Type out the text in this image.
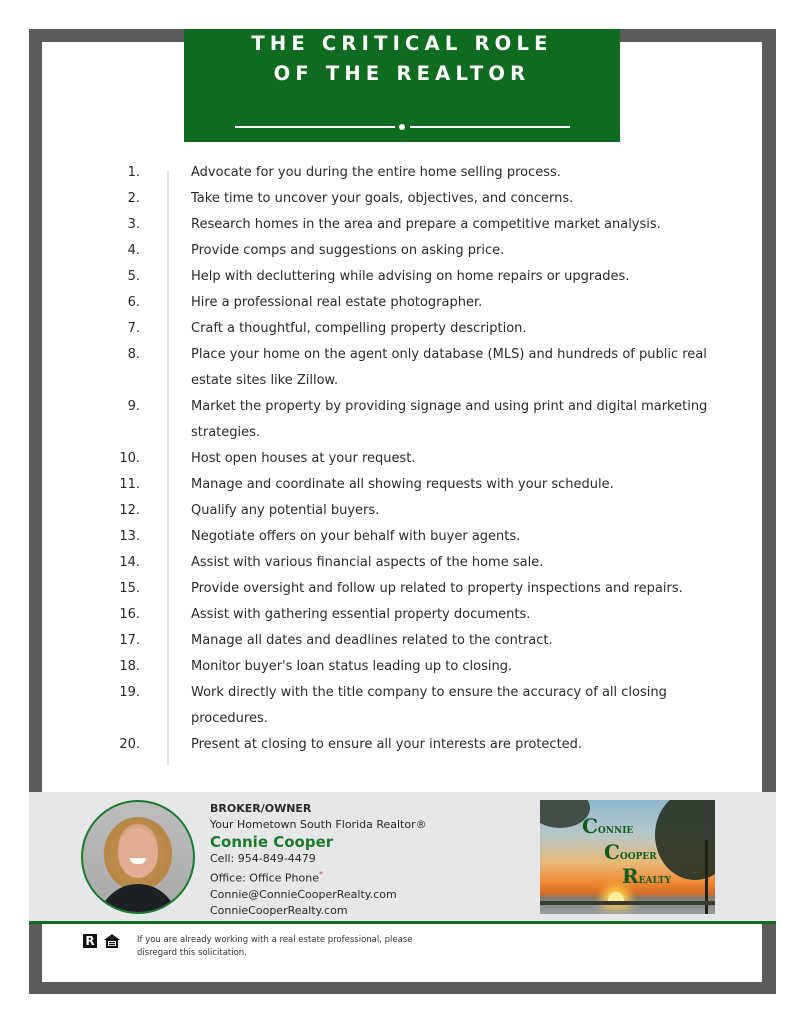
THE CRITICAL ROLE
OF THE REALTOR
1.	Advocate for you during the entire home selling process.
2.	Take time to uncover your goals, objectives, and concerns.
3.	Research homes in the area and prepare a competitive market analysis.
4.	Provide comps and suggestions on asking price.
5.	Help with decluttering while advising on home repairs or upgrades.
6.	Hire a professional real estate photographer.
7.	Craft a thoughtful, compelling property description.
8.	Place your home on the agent only database (MLS) and hundreds of public real
estate sites like Zillow.
9.	Market the property by providing signage and using print and digital marketing
strategies.
10.	Host open houses at your request.
11.	Manage and coordinate all showing requests with your schedule.
12.	Qualify any potential buyers.
13.	Negotiate offers on your behalf with buyer agents.
14.	Assist with various financial aspects of the home sale.
15.	Provide oversight and follow up related to property inspections and repairs.
16.	Assist with gathering essential property documents.
17.	Manage all dates and deadlines related to the contract.
18.	Monitor buyer's loan status leading up to closing.
19.	Work directly with the title company to ensure the accuracy of all closing
procedures.
20.	Present at closing to ensure all your interests are protected.
BROKER/OWNER
Your Hometown South Florida Realtor®
Connie Cooper
Cell: 954-849-4479
Office: Office Phone*
Connie@ConnieCooperRealty.com
ConnieCooperRealty.com
CONNIE
COOPER
REALTY
R	If you are already working with a real estate professional, please
disregard this solicitation.
